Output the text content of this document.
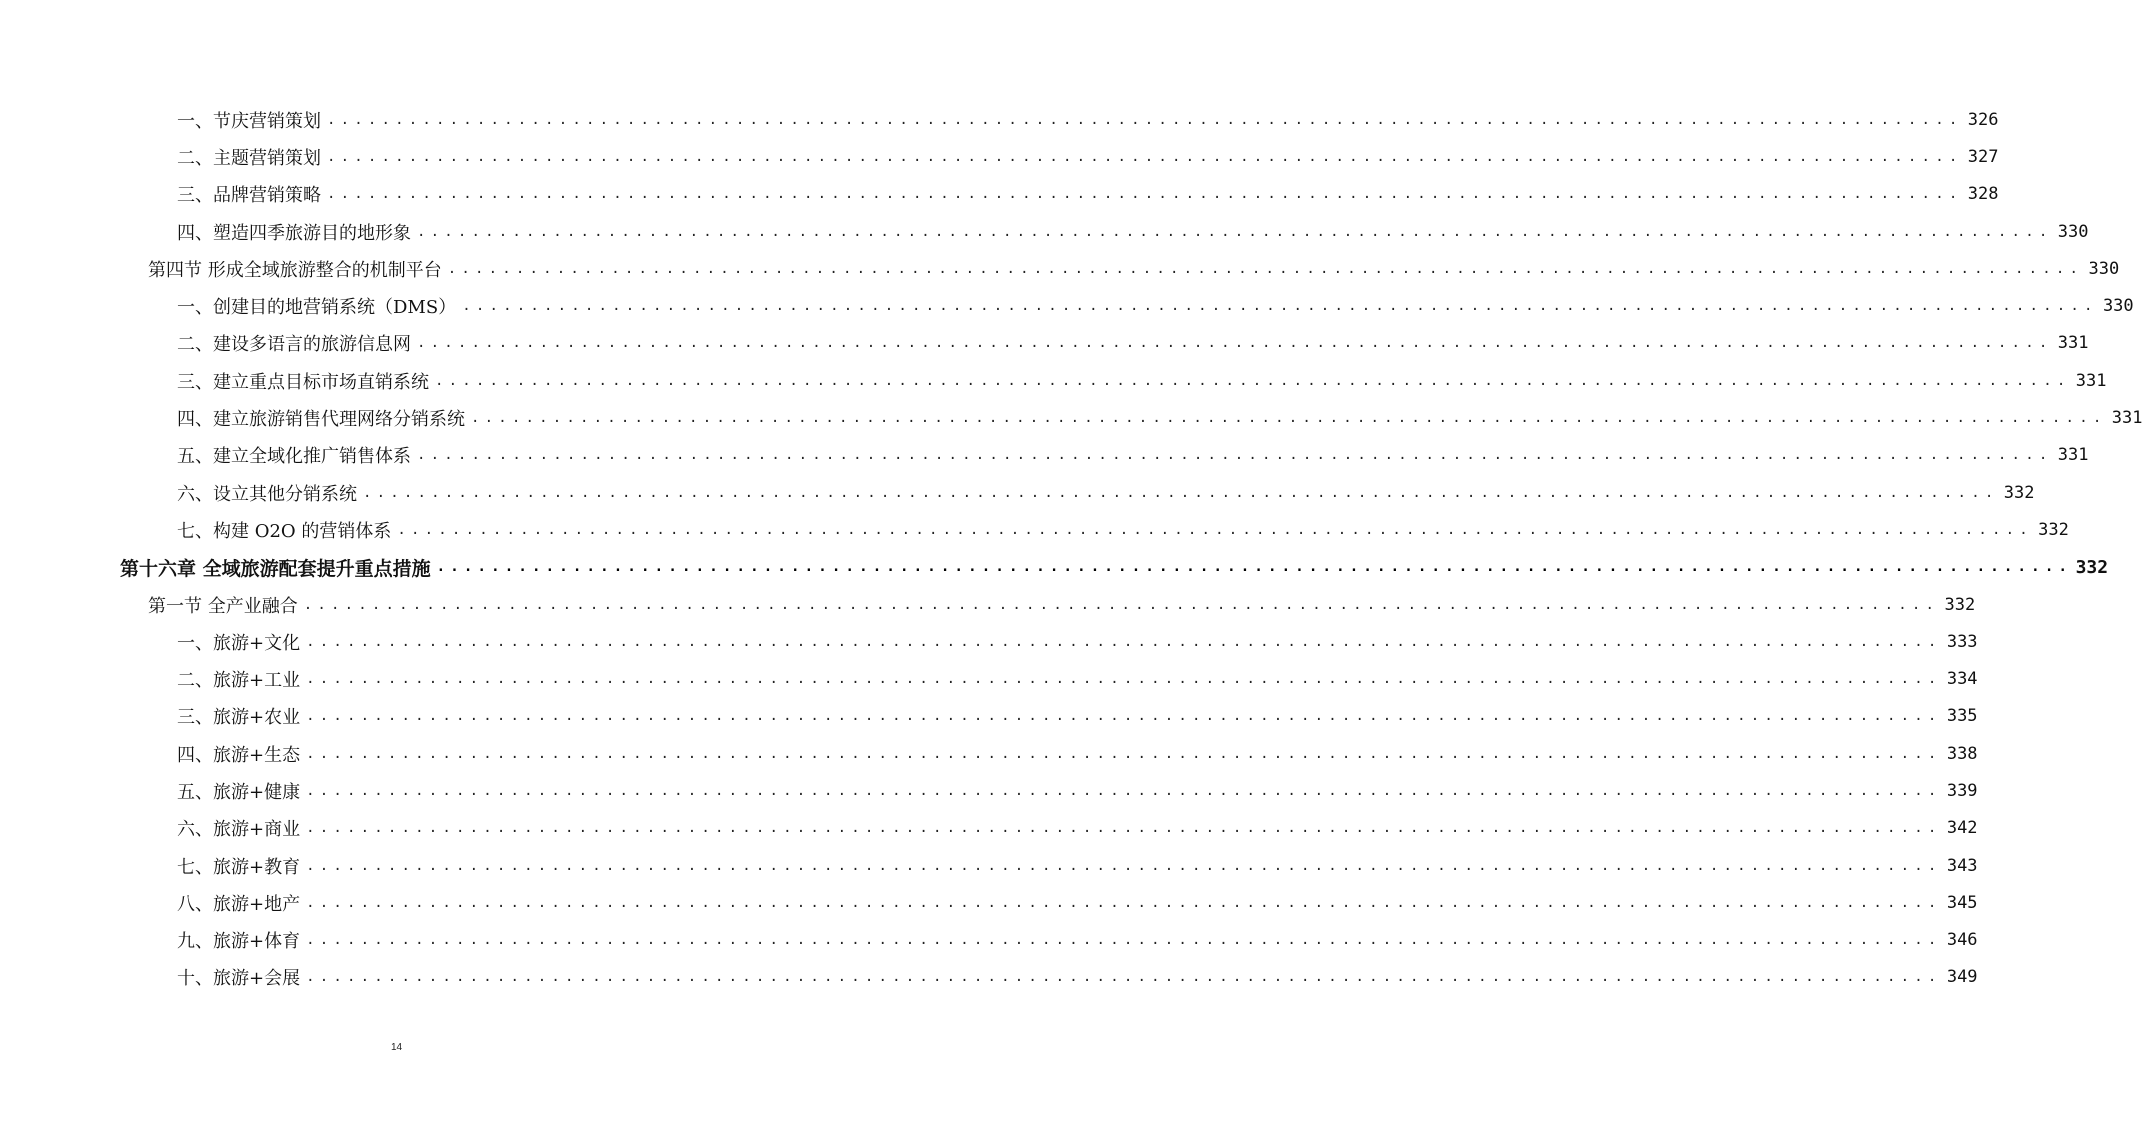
一、节庆营销策划 ........................................................................................................................ 326
二、主题营销策划 ........................................................................................................................ 327
三、品牌营销策略 ........................................................................................................................ 328
四、塑造四季旅游目的地形象 ........................................................................................................................ 330
第四节 形成全域旅游整合的机制平台 ........................................................................................................................ 330
一、创建目的地营销系统（DMS） ........................................................................................................................ 330
二、建设多语言的旅游信息网 ........................................................................................................................ 331
三、建立重点目标市场直销系统 ........................................................................................................................ 331
四、建立旅游销售代理网络分销系统 ........................................................................................................................ 331
五、建立全域化推广销售体系 ........................................................................................................................ 331
六、设立其他分销系统 ........................................................................................................................ 332
七、构建 O2O 的营销体系 ........................................................................................................................ 332
第十六章 全域旅游配套提升重点措施 ........................................................................................................................ 332
第一节 全产业融合 ........................................................................................................................ 332
一、旅游+文化 ........................................................................................................................ 333
二、旅游+工业 ........................................................................................................................ 334
三、旅游+农业 ........................................................................................................................ 335
四、旅游+生态 ........................................................................................................................ 338
五、旅游+健康 ........................................................................................................................ 339
六、旅游+商业 ........................................................................................................................ 342
七、旅游+教育 ........................................................................................................................ 343
八、旅游+地产 ........................................................................................................................ 345
九、旅游+体育 ........................................................................................................................ 346
十、旅游+会展 ........................................................................................................................ 349
14
